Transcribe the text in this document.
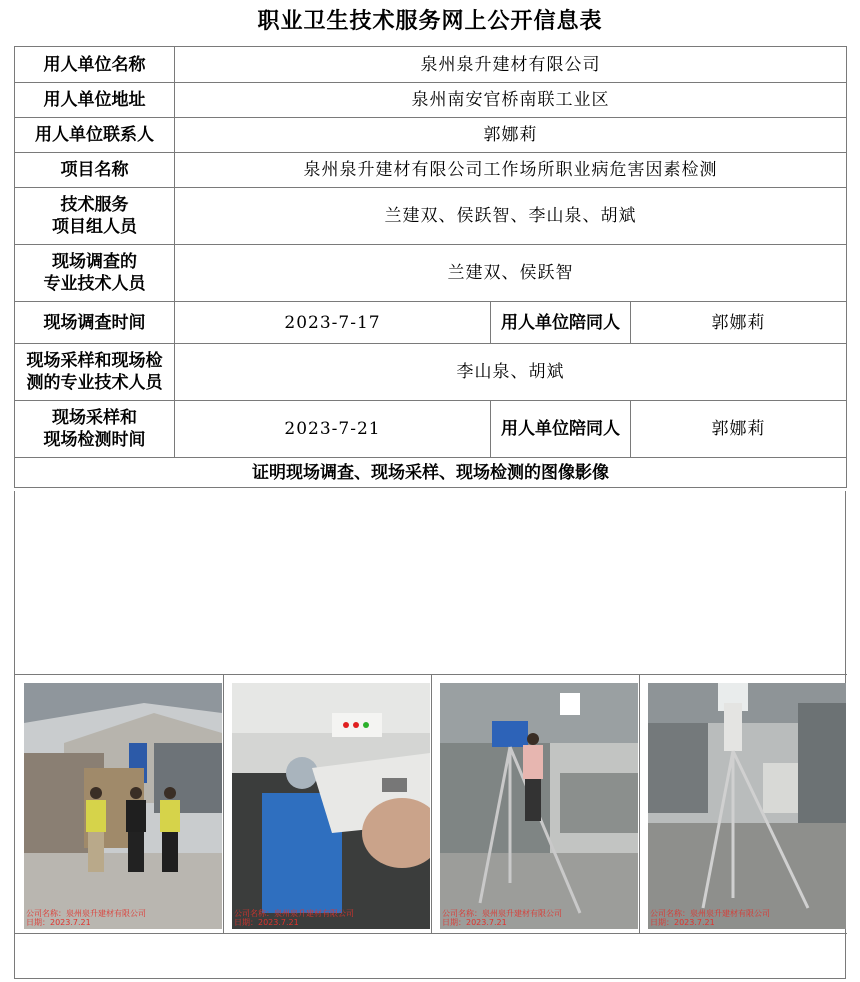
职业卫生技术服务网上公开信息表
用人单位名称	泉州泉升建材有限公司		
用人单位地址	泉州南安官桥南联工业区		
用人单位联系人	郭娜莉		
项目名称	泉州泉升建材有限公司工作场所职业病危害因素检测		

技术服务
项目组人员	兰建双、侯跃智、李山泉、胡斌		

现场调查的
专业技术人员	兰建双、侯跃智		
现场调查时间	2023-7-17	用人单位陪同人	郭娜莉

现场采样和现场检
测的专业技术人员	李山泉、胡斌		

现场采样和
现场检测时间	2023-7-21	用人单位陪同人	郭娜莉
证明现场调查、现场采样、现场检测的图像影像			
公司名称：泉州泉升建材有限公司
日期：2023.7.21
公司名称：泉州泉升建材有限公司
日期：2023.7.21
公司名称：泉州泉升建材有限公司
日期：2023.7.21
公司名称：泉州泉升建材有限公司
日期：2023.7.21
